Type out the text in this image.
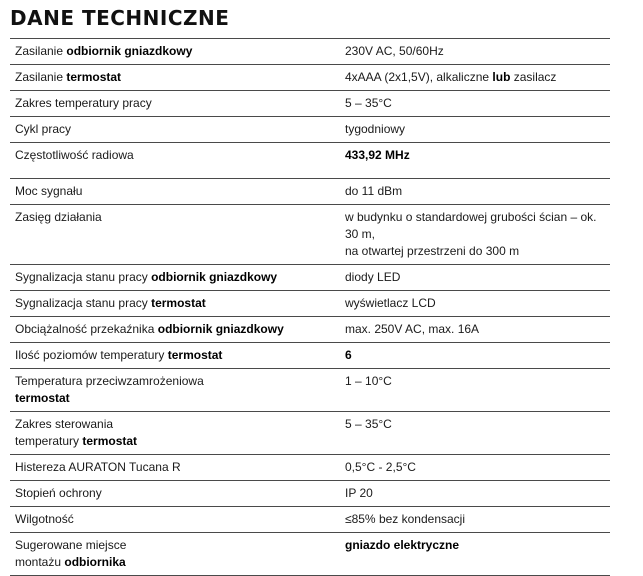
DANE TECHNICZNE
Zasilanie odbiornik gniazdkowy	230V AC, 50/60Hz
Zasilanie termostat	4xAAA (2x1,5V), alkaliczne lub zasilacz
Zakres temperatury pracy	5 – 35°C
Cykl pracy	tygodniowy
Częstotliwość radiowa	433,92 MHz
Moc sygnału	do 11 dBm
Zasięg działania	w budynku o standardowej grubości ścian – ok. 30 m,
na otwartej przestrzeni do 300 m
Sygnalizacja stanu pracy odbiornik gniazdkowy	diody LED
Sygnalizacja stanu pracy termostat	wyświetlacz LCD
Obciążalność przekaźnika odbiornik gniazdkowy	max. 250V AC, max. 16A
Ilość poziomów temperatury termostat	6
Temperatura przeciwzamrożeniowa
termostat	1 – 10°C
Zakres sterowania
temperatury termostat	5 – 35°C
Histereza AURATON Tucana R	0,5°C - 2,5°C
Stopień ochrony	IP 20
Wilgotność	≤85% bez kondensacji
Sugerowane miejsce
montażu odbiornika	gniazdo elektryczne
